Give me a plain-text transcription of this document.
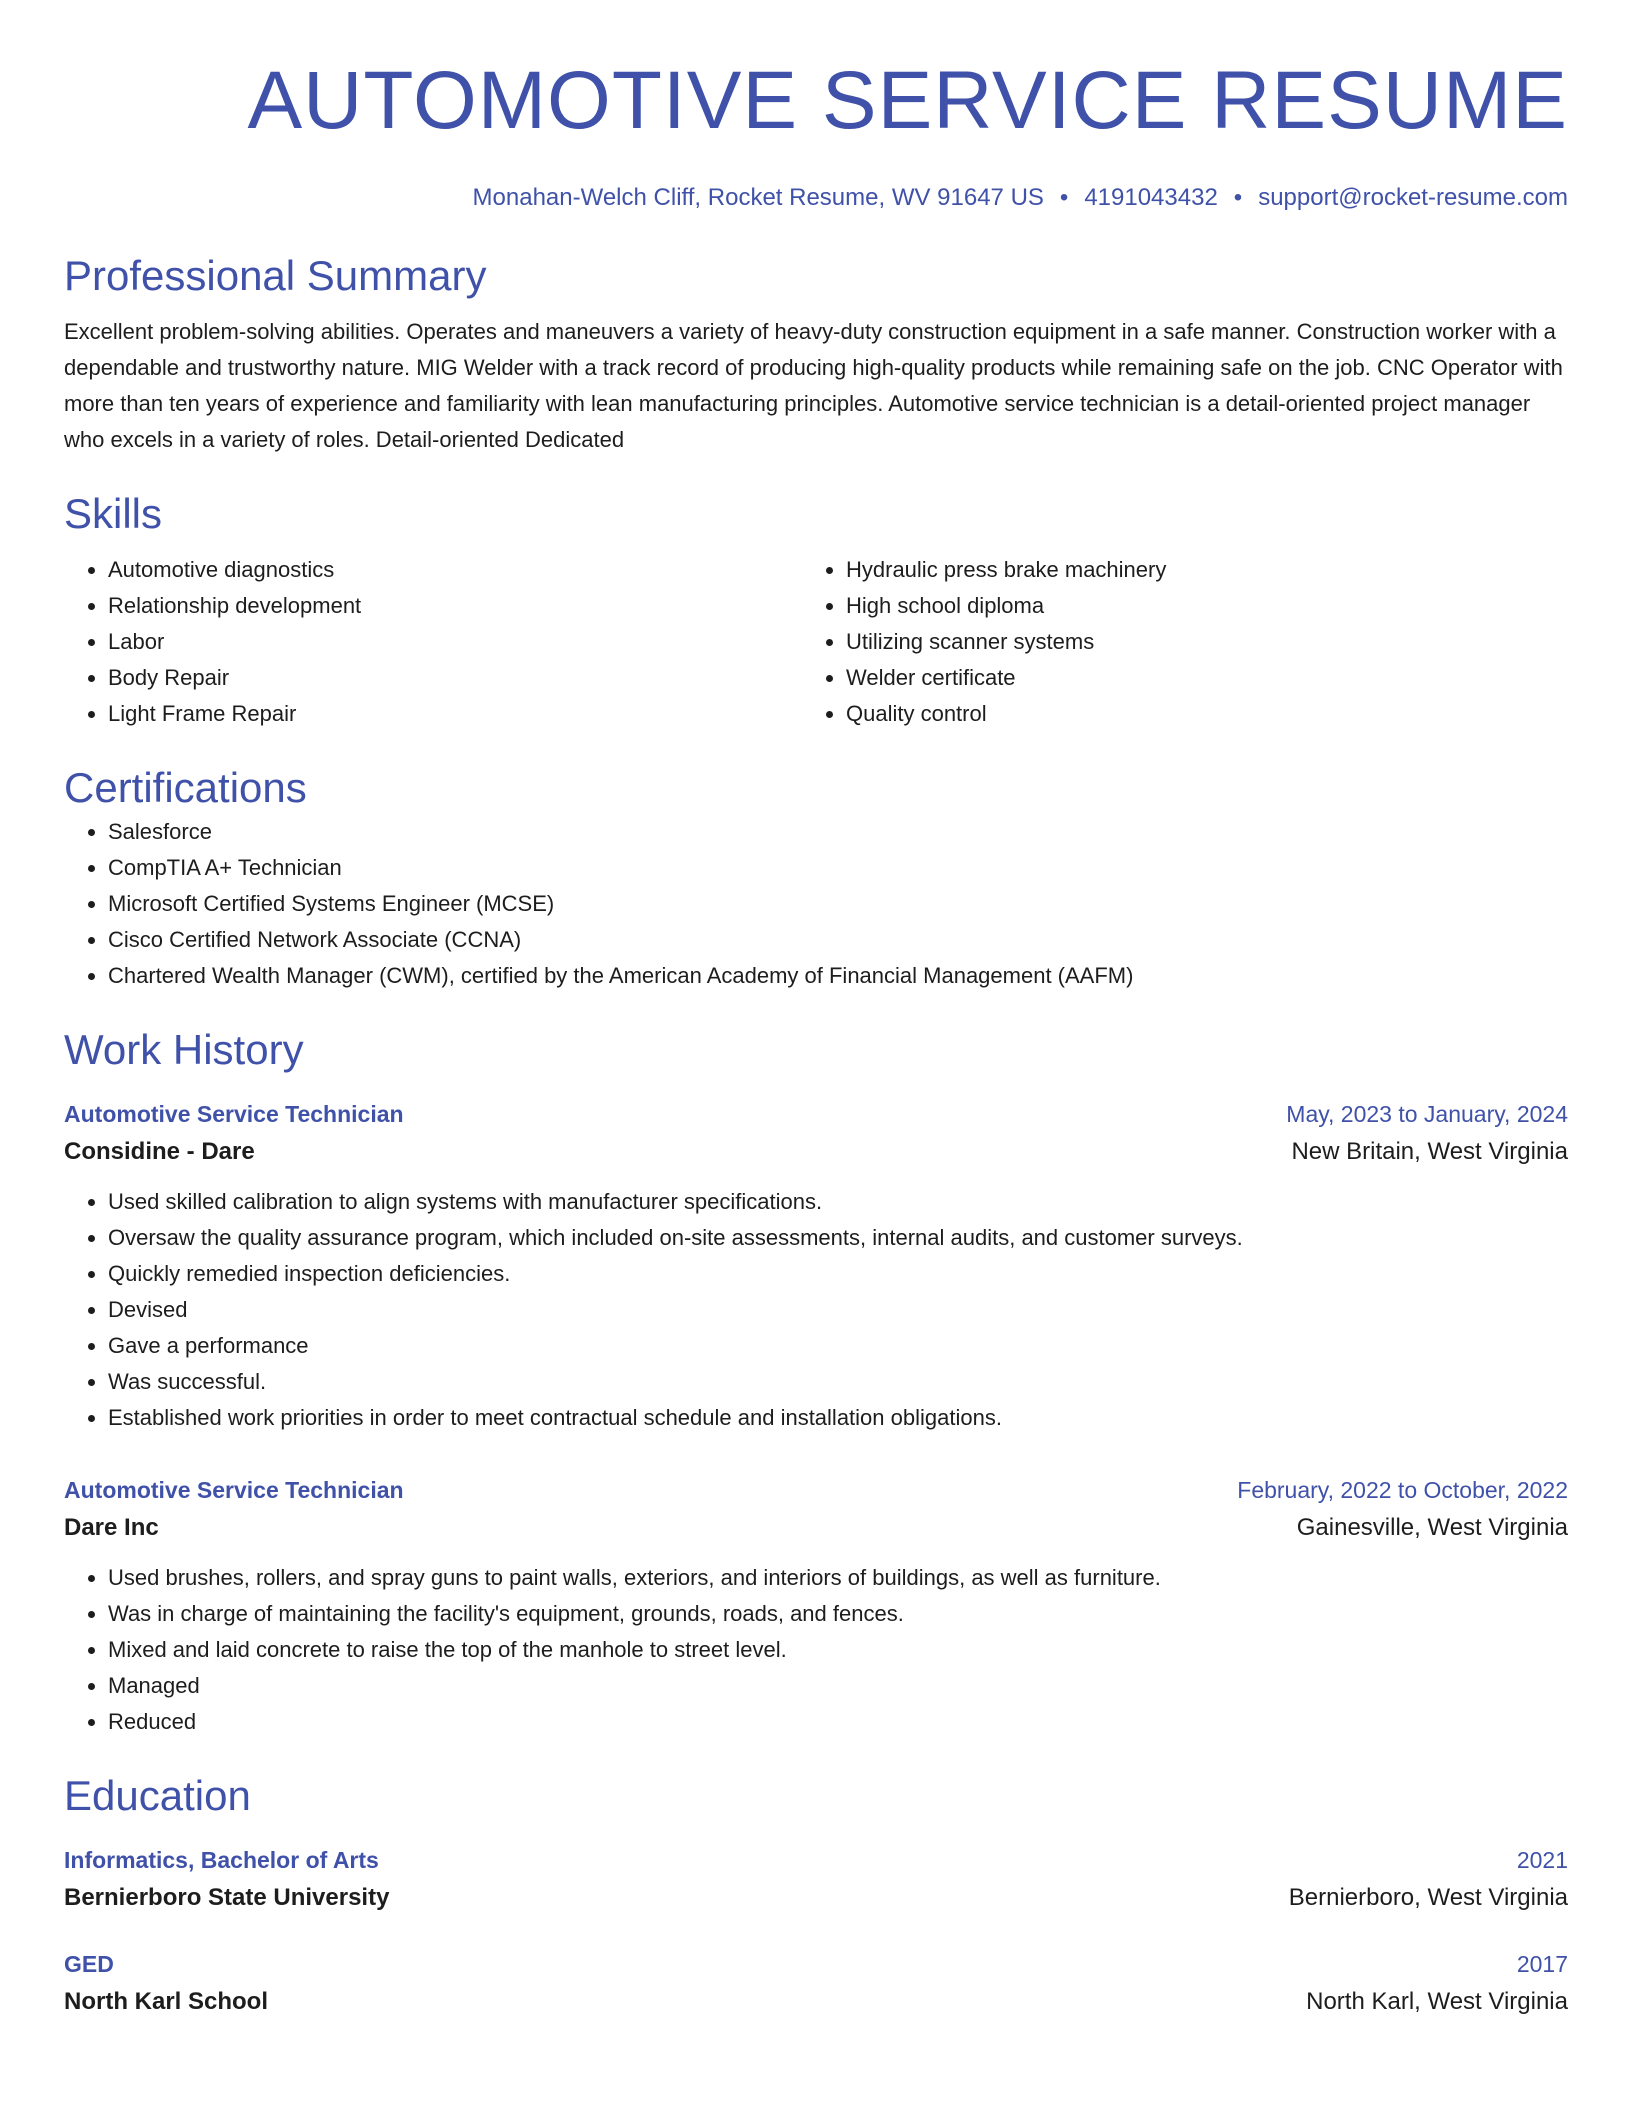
AUTOMOTIVE SERVICE RESUME
Monahan-Welch Cliff, Rocket Resume, WV 91647 US • 4191043432 • support@rocket-resume.com
Professional Summary

Excellent problem-solving abilities. Operates and maneuvers a variety of heavy-duty construction equipment in a safe manner. Construction worker with a dependable and trustworthy nature. MIG Welder with a track record of producing high-quality products while remaining safe on the job. CNC Operator with more than ten years of experience and familiarity with lean manufacturing principles. Automotive service technician is a detail-oriented project manager who excels in a variety of roles. Detail-oriented Dedicated

Skills
• Automotive diagnostics
• Relationship development
• Labor
• Body Repair
• Light Frame Repair
• Hydraulic press brake machinery
• High school diploma
• Utilizing scanner systems
• Welder certificate
• Quality control
Certifications
• Salesforce
• CompTIA A+ Technician
• Microsoft Certified Systems Engineer (MCSE)
• Cisco Certified Network Associate (CCNA)
• Chartered Wealth Manager (CWM), certified by the American Academy of Financial Management (AAFM)
Work History
Automotive Service Technician	May, 2023 to January, 2024
Considine - Dare	New Britain, West Virginia
• Used skilled calibration to align systems with manufacturer specifications.
• Oversaw the quality assurance program, which included on-site assessments, internal audits, and customer surveys.
• Quickly remedied inspection deficiencies.
• Devised
• Gave a performance
• Was successful.
• Established work priorities in order to meet contractual schedule and installation obligations.
Automotive Service Technician	February, 2022 to October, 2022
Dare Inc	Gainesville, West Virginia
• Used brushes, rollers, and spray guns to paint walls, exteriors, and interiors of buildings, as well as furniture.
• Was in charge of maintaining the facility's equipment, grounds, roads, and fences.
• Mixed and laid concrete to raise the top of the manhole to street level.
• Managed
• Reduced
Education
Informatics, Bachelor of Arts	2021
Bernierboro State University	Bernierboro, West Virginia
GED	2017
North Karl School	North Karl, West Virginia
